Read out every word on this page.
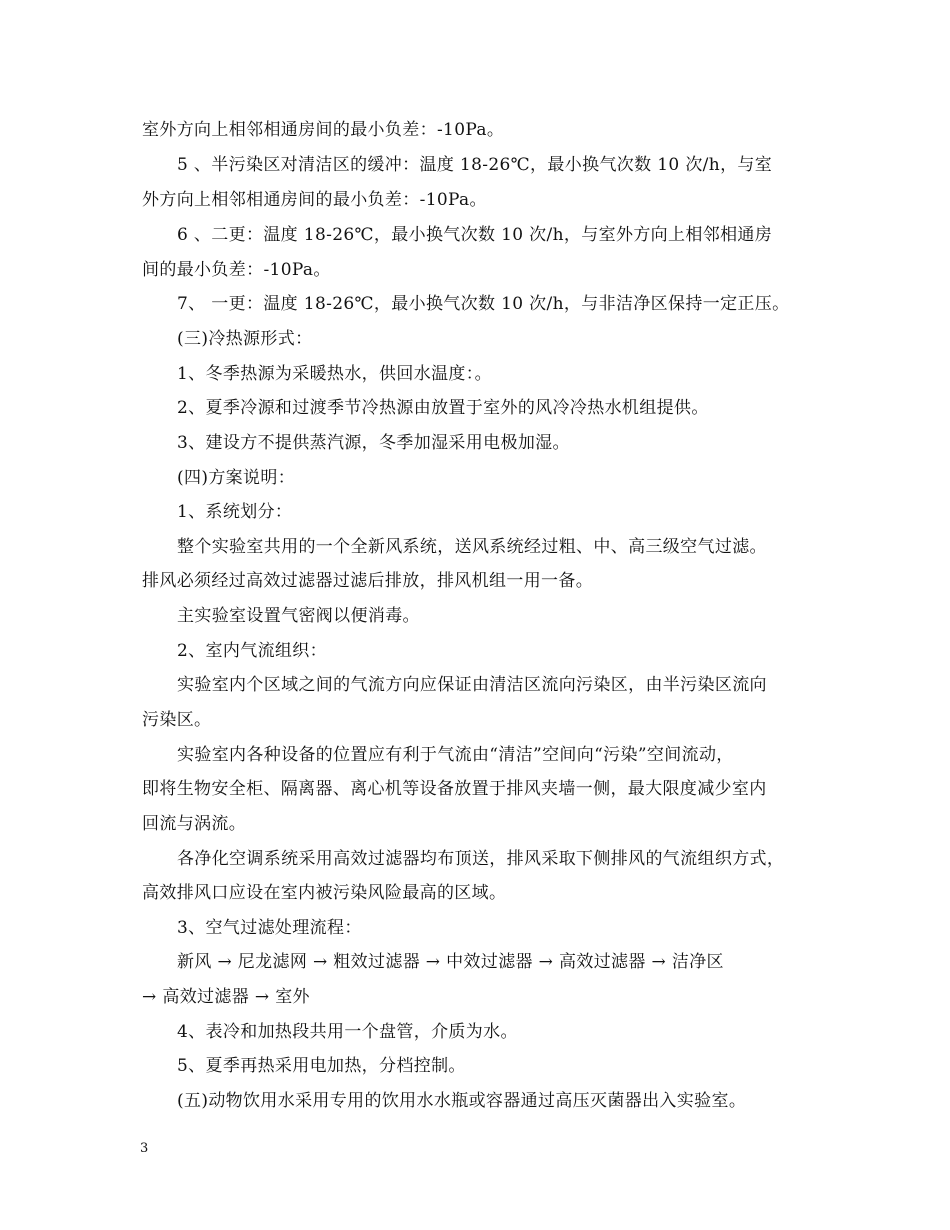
室外方向上相邻相通房间的最小负差：-10Pa。
5 、半污染区对清洁区的缓冲：温度 18-26℃，最小换气次数 10 次/h，与室
外方向上相邻相通房间的最小负差：-10Pa。
6 、二更：温度 18-26℃，最小换气次数 10 次/h，与室外方向上相邻相通房
间的最小负差：-10Pa。
7、 一更：温度 18-26℃，最小换气次数 10 次/h，与非洁净区保持一定正压。
(三)冷热源形式：
1、冬季热源为采暖热水，供回水温度：。
2、夏季冷源和过渡季节冷热源由放置于室外的风冷冷热水机组提供。
3、建设方不提供蒸汽源，冬季加湿采用电极加湿。
(四)方案说明：
1、系统划分：
整个实验室共用的一个全新风系统，送风系统经过粗、中、高三级空气过滤。
排风必须经过高效过滤器过滤后排放，排风机组一用一备。
主实验室设置气密阀以便消毒。
2、室内气流组织：
实验室内个区域之间的气流方向应保证由清洁区流向污染区，由半污染区流向
污染区。
实验室内各种设备的位置应有利于气流由“清洁”空间向“污染”空间流动，
即将生物安全柜、隔离器、离心机等设备放置于排风夹墙一侧，最大限度减少室内
回流与涡流。
各净化空调系统采用高效过滤器均布顶送，排风采取下侧排风的气流组织方式，
高效排风口应设在室内被污染风险最高的区域。
3、空气过滤处理流程：
新风 → 尼龙滤网 → 粗效过滤器 → 中效过滤器 → 高效过滤器 → 洁净区
→ 高效过滤器 → 室外
4、表冷和加热段共用一个盘管，介质为水。
5、夏季再热采用电加热，分档控制。
(五)动物饮用水采用专用的饮用水水瓶或容器通过高压灭菌器出入实验室。
3
